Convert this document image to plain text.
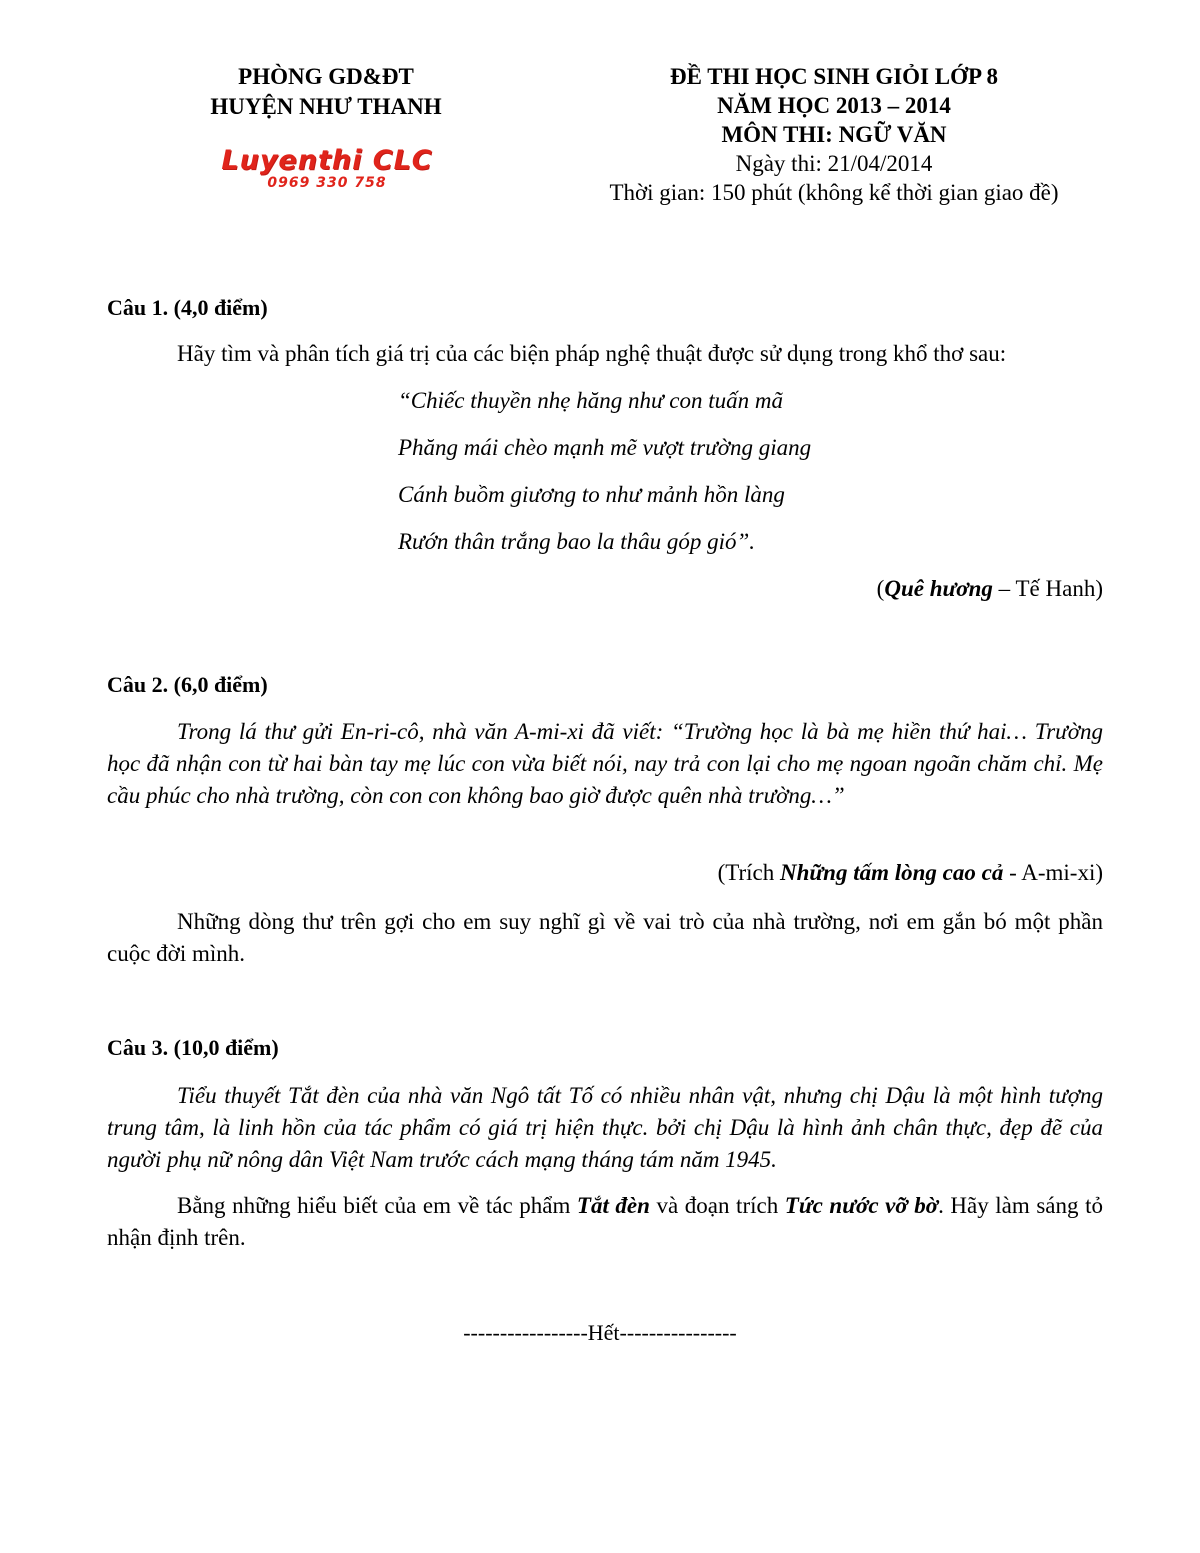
PHÒNG GD&ĐT
HUYỆN NHƯ THANH
Luyenthi CLC
0969 330 758
ĐỀ THI HỌC SINH GIỎI LỚP 8
NĂM HỌC 2013 – 2014
MÔN THI: NGỮ VĂN
Ngày thi: 21/04/2014
Thời gian: 150 phút (không kể thời gian giao đề)
Câu 1. (4,0 điểm)
Hãy tìm và phân tích giá trị của các biện pháp nghệ thuật được sử dụng trong khổ thơ sau:
“Chiếc thuyền nhẹ hăng như con tuấn mã
Phăng mái chèo mạnh mẽ vượt trường giang
Cánh buồm giương to như mảnh hồn làng
Rướn thân trắng bao la thâu góp gió”.
(Quê hương – Tế Hanh)
Câu 2. (6,0 điểm)
Trong lá thư gửi En-ri-cô, nhà văn A-mi-xi đã viết: “Trường học là bà mẹ hiền thứ hai… Trường học đã nhận con từ hai bàn tay mẹ lúc con vừa biết nói, nay trả con lại cho mẹ ngoan ngoãn chăm chỉ. Mẹ cầu phúc cho nhà trường, còn con con không bao giờ được quên nhà trường…”
(Trích Những tấm lòng cao cả - A-mi-xi)
Những dòng thư trên gợi cho em suy nghĩ gì về vai trò của nhà trường, nơi em gắn bó một phần cuộc đời mình.
Câu 3. (10,0 điểm)
Tiểu thuyết Tắt đèn của nhà văn Ngô tất Tố có nhiều nhân vật, nhưng chị Dậu là một hình tượng trung tâm, là linh hồn của tác phẩm có giá trị hiện thực. bởi chị Dậu là hình ảnh chân thực, đẹp đẽ của người phụ nữ nông dân Việt Nam trước cách mạng tháng tám năm 1945.
Bằng những hiểu biết của em về tác phẩm Tắt đèn và đoạn trích Tức nước vỡ bờ. Hãy làm sáng tỏ nhận định trên.
-----------------Hết----------------
